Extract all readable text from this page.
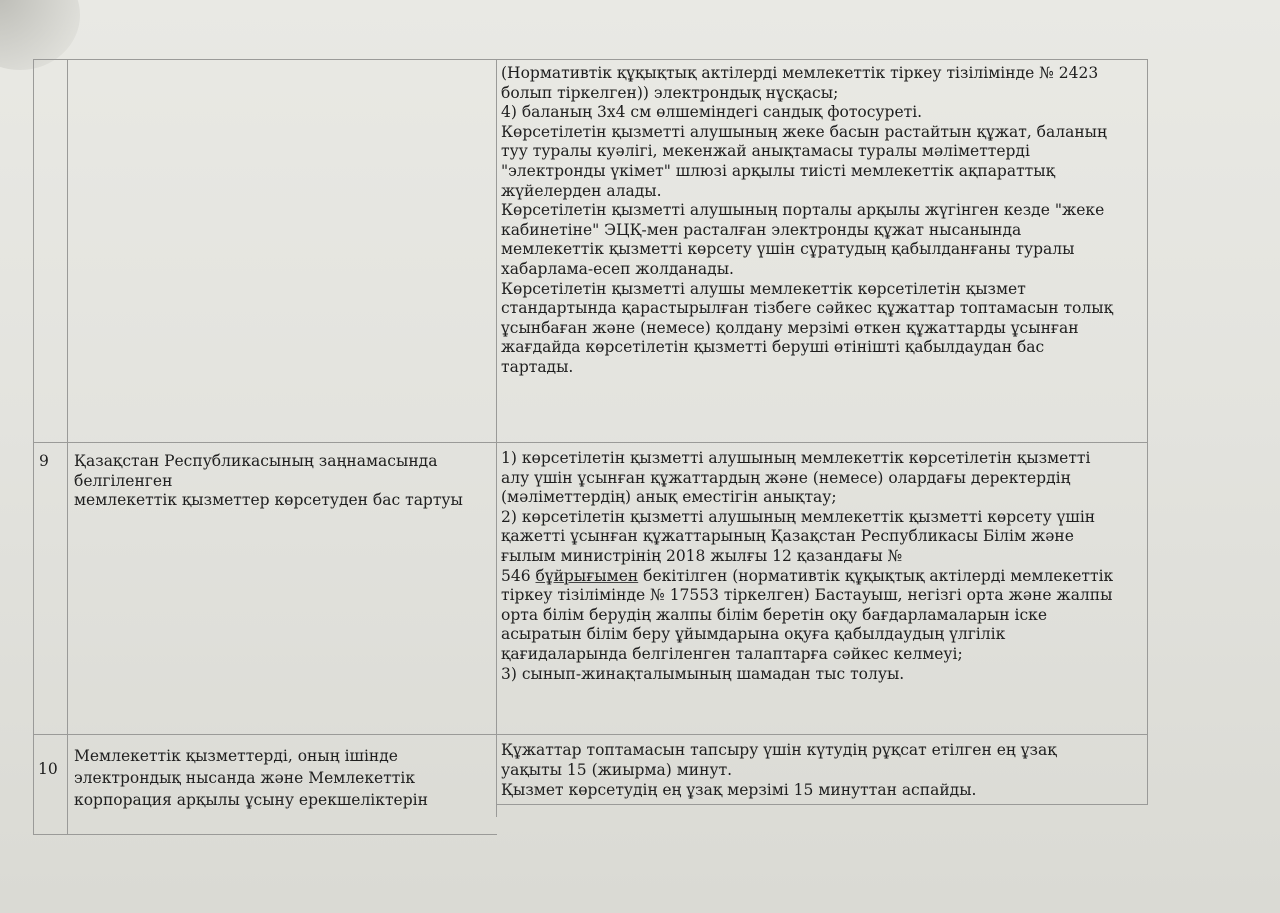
(Нормативтік құқықтық актілерді мемлекеттік тіркеу тізілімінде № 2423
болып тіркелген)) электрондық нұсқасы;
4) баланың 3х4 см өлшеміндегі сандық фотосуреті.
Көрсетілетін қызметті алушының жеке басын растайтын құжат, баланың
туу туралы куәлігі, мекенжай анықтамасы туралы мәліметтерді
"электронды үкімет" шлюзі арқылы тиісті мемлекеттік ақпараттық
жүйелерден алады.
Көрсетілетін қызметті алушының порталы арқылы жүгінген кезде "жеке
кабинетіне" ЭЦҚ-мен расталған электронды құжат нысанында
мемлекеттік қызметті көрсету үшін сұратудың қабылданғаны туралы
хабарлама-есеп жолданады.
Көрсетілетін қызметті алушы мемлекеттік көрсетілетін қызмет
стандартында қарастырылған тізбеге сәйкес құжаттар топтамасын толық
ұсынбаған және (немесе) қолдану мерзімі өткен құжаттарды ұсынған
жағдайда көрсетілетін қызметті беруші өтінішті қабылдаудан бас
тартады.
9 Қазақстан Республикасының заңнамасында
белгіленген
мемлекеттік қызметтер көрсетуден бас тартуы
1) көрсетілетін қызметті алушының мемлекеттік көрсетілетін қызметті
алу үшін ұсынған құжаттардың және (немесе) олардағы деректердің
(мәліметтердің) анық еместігін анықтау;
2) көрсетілетін қызметті алушының мемлекеттік қызметті көрсету үшін
қажетті ұсынған құжаттарының Қазақстан Республикасы Білім және
ғылым министрінің 2018 жылғы 12 қазандағы №
546 бұйрығымен бекітілген (нормативтік құқықтық актілерді мемлекеттік
тіркеу тізілімінде № 17553 тіркелген) Бастауыш, негізгі орта және жалпы
орта білім берудің жалпы білім беретін оқу бағдарламаларын іске
асыратын білім беру ұйымдарына оқуға қабылдаудың үлгілік
қағидаларында белгіленген талаптарға сәйкес келмеуі;
3) сынып-жинақталымының шамадан тыс толуы.
10
Мемлекеттік қызметтерді, оның ішінде
электрондық нысанда және Мемлекеттік
корпорация арқылы ұсыну ерекшеліктерін
Құжаттар топтамасын тапсыру үшін күтудің рұқсат етілген ең ұзақ
уақыты 15 (жиырма) минут.
Қызмет көрсетудің ең ұзақ мерзімі 15 минуттан аспайды.
